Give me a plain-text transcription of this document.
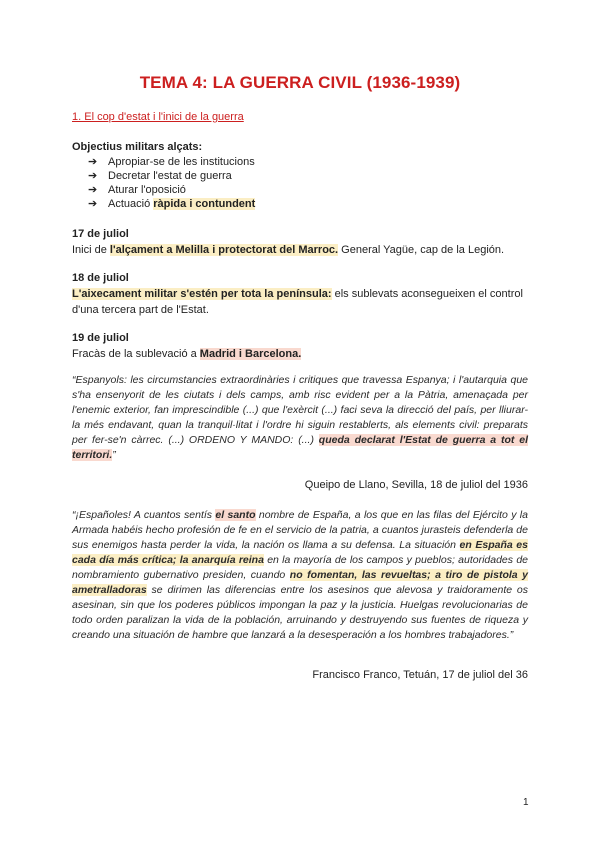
TEMA 4: LA GUERRA CIVIL (1936-1939)
1. El cop d'estat i l'inici de la guerra
Objectius militars alçats:
➔ Apropiar-se de les institucions
➔ Decretar l'estat de guerra
➔ Aturar l'oposició
➔ Actuació ràpida i contundent
17 de juliol
Inici de l'alçament a Melilla i protectorat del Marroc. General Yagüe, cap de la Legión.
18 de juliol
L'aixecament militar s'estén per tota la península: els sublevats aconsegueixen el control d'una tercera part de l'Estat.
19 de juliol
Fracàs de la sublevació a Madrid i Barcelona.
“Espanyols: les circumstancies extraordinàries i critiques que travessa Espanya; i l'autarquia que s'ha ensenyorit de les ciutats i dels camps, amb risc evident per a la Pàtria, amenaçada per l'enemic exterior, fan imprescindible (...) que l'exèrcit (...) faci seva la direcció del país, per lliurar-la més endavant, quan la tranquil·litat i l'ordre hi siguin restablerts, als elements civil: preparats per fer-se'n càrrec. (...) ORDENO Y MANDO: (...) queda declarat l'Estat de guerra a tot el territori.”
Queipo de Llano, Sevilla, 18 de juliol del 1936
“¡Españoles! A cuantos sentís el santo nombre de España, a los que en las filas del Ejército y la Armada habéis hecho profesión de fe en el servicio de la patria, a cuantos jurasteis defenderla de sus enemigos hasta perder la vida, la nación os llama a su defensa. La situación en España es cada día más crítica; la anarquía reina en la mayoría de los campos y pueblos; autoridades de nombramiento gubernativo presiden, cuando no fomentan, las revueltas; a tiro de pistola y ametralladoras se dirimen las diferencias entre los asesinos que alevosa y traidoramente os asesinan, sin que los poderes públicos impongan la paz y la justicia. Huelgas revolucionarias de todo orden paralizan la vida de la población, arruinando y destruyendo sus fuentes de riqueza y creando una situación de hambre que lanzará a la desesperación a los hombres trabajadores.”
Francisco Franco, Tetuán, 17 de juliol del 36
1
